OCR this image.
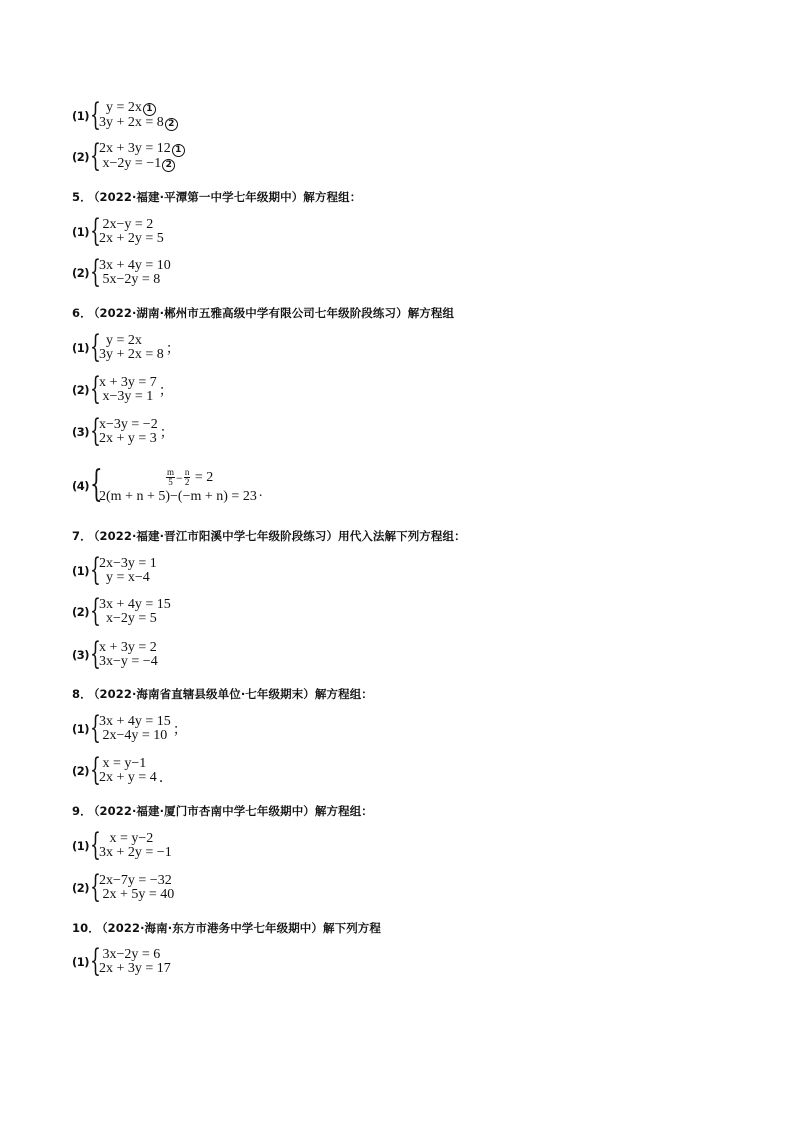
(1) {
y = 2x 1
3y + 2x = 8 2
(2) {
2x + 3y = 12 1
x−2y = −1 2
5． （2022·福建·平潭第一中学七年级期中）解方程组：
(1) {
2x−y = 2
2x + 2y = 5
(2) {
3x + 4y = 10
5x−2y = 8
6． （2022·湖南·郴州市五雅高级中学有限公司七年级阶段练习）解方程组
(1) {
y = 2x
3y + 2x = 8 ；
(2) {
x + 3y = 7
x−3y = 1 ；
(3) {
x−3y = −2
2x + y = 3 ；
(4) {	$\frac{m}{5} - \frac{n}{2} = 2$
2(m + n + 5)−(−m + n) = 23 .
7． （2022·福建·晋江市阳溪中学七年级阶段练习）用代入法解下列方程组：
(1) {
2x−3y = 1
y = x−4
(2) {
3x + 4y = 15
x−2y = 5
(3) {
x + 3y = 2
3x−y = −4
8． （2022·海南省直辖县级单位·七年级期末）解方程组：
(1) {
3x + 4y = 15
2x−4y = 10 ；
(2) {
x = y−1
2x + y = 4 ．
9． （2022·福建·厦门市杏南中学七年级期中）解方程组：
(1) {
x = y−2
3x + 2y = −1
(2) {
2x−7y = −32
2x + 5y = 40
10． （2022·海南·东方市港务中学七年级期中）解下列方程
(1) {
3x−2y = 6
2x + 3y = 17
